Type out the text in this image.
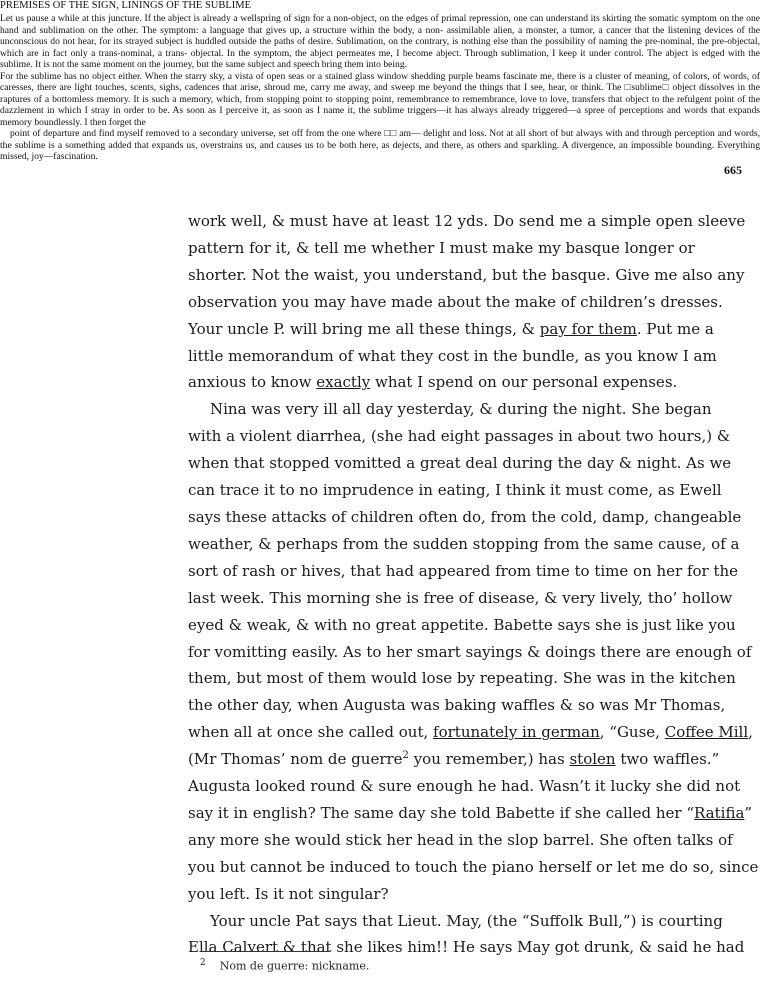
PREMISES OF THE SIGN, LININGS OF THE SUBLIME

Let us pause a while at this juncture. If the abject is already a wellspring of sign for a non-object, on the edges of primal repression, one can understand its skirting the somatic symptom on the one hand and sublimation on the other. The symptom: a language that gives up, a structure within the body, a non- assimilable alien, a monster, a tumor, a cancer that the listening devices of the unconscious do not hear, for its strayed subject is huddled outside the paths of desire. Sublimation, on the contrary, is nothing else than the possibility of naming the pre-nominal, the pre-objectal, which are in fact only a trans-nominal, a trans- objectal. In the symptom, the abject permeates me, I become abject. Through sublimation, I keep it under control. The abject is edged with the sublime. It is not the same moment on the journey, but the same subject and speech bring them into being.

For the sublime has no object either. When the starry sky, a vista of open seas or a stained glass window shedding purple beams fascinate me, there is a cluster of meaning, of colors, of words, of caresses, there are light touches, scents, sighs, cadences that arise, shroud me, carry me away, and sweep me beyond the things that I see, hear, or think. The □sublime□ object dissolves in the raptures of a bottomless memory. It is such a memory, which, from stopping point to stopping point, remembrance to remembrance, love to love, transfers that object to the refulgent point of the dazzlement in which I stray in order to be. As soon as I perceive it, as soon as I name it, the sublime triggers—it has always already triggered—a spree of perceptions and words that expands memory boundlessly. I then forget the

point of departure and find myself removed to a secondary universe, set off from the one where □□ am— delight and loss. Not at all short of but always with and through perception and words, the sublime is a something added that expands us, overstrains us, and causes us to be both here, as dejects, and there, as others and sparkling. A divergence, an impossible bounding. Everything missed, joy—fascination.

665
work well, & must have at least 12 yds. Do send me a simple open sleeve
pattern for it, & tell me whether I must make my basque longer or
shorter. Not the waist, you understand, but the basque. Give me also any
observation you may have made about the make of children’s dresses.
Your uncle P. will bring me all these things, & pay for them. Put me a
little memorandum of what they cost in the bundle, as you know I am
anxious to know exactly what I spend on our personal expenses.
Nina was very ill all day yesterday, & during the night. She began
with a violent diarrhea, (she had eight passages in about two hours,) &
when that stopped vomitted a great deal during the day & night. As we
can trace it to no imprudence in eating, I think it must come, as Ewell
says these attacks of children often do, from the cold, damp, changeable
weather, & perhaps from the sudden stopping from the same cause, of a
sort of rash or hives, that had appeared from time to time on her for the
last week. This morning she is free of disease, & very lively, tho’ hollow
eyed & weak, & with no great appetite. Babette says she is just like you
for vomitting easily. As to her smart sayings & doings there are enough of
them, but most of them would lose by repeating. She was in the kitchen
the other day, when Augusta was baking waffles & so was Mr Thomas,
when all at once she called out, fortunately in german, “Guse, Coffee Mill,
(Mr Thomas’ nom de guerre$^2$ you remember,) has stolen two waffles.”
Augusta looked round & sure enough he had. Wasn’t it lucky she did not
say it in english? The same day she told Babette if she called her “Ratifia”
any more she would stick her head in the slop barrel. She often talks of
you but cannot be induced to touch the piano herself or let me do so, since
you left. Is it not singular?
Your uncle Pat says that Lieut. May, (the “Suffolk Bull,”) is courting
Ella Calvert & that she likes him!! He says May got drunk, & said he had
$^2$ Nom de guerre: nickname.
